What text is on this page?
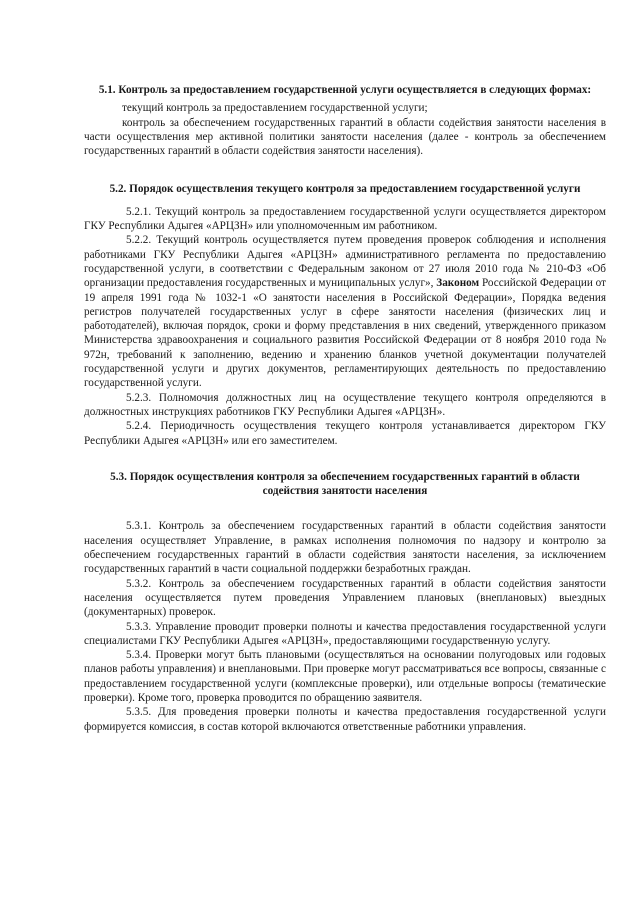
5.1. Контроль за предоставлением государственной услуги осуществляется в следующих формах:

текущий контроль за предоставлением государственной услуги;

контроль за обеспечением государственных гарантий в области содействия занятости населения в части осуществления мер активной политики занятости населения (далее - контроль за обеспечением государственных гарантий в области содействия занятости населения).

5.2. Порядок осуществления текущего контроля за предоставлением государственной услуги

5.2.1. Текущий контроль за предоставлением государственной услуги осуществляется директором ГКУ Республики Адыгея «АРЦЗН» или уполномоченным им работником.

5.2.2. Текущий контроль осуществляется путем проведения проверок соблюдения и исполнения работниками ГКУ Республики Адыгея «АРЦЗН» административного регламента по предоставлению государственной услуги, в соответствии с Федеральным законом от 27 июля 2010 года № 210-ФЗ «Об организации предоставления государственных и муниципальных услуг», Законом Российской Федерации от 19 апреля 1991 года № 1032-1 «О занятости населения в Российской Федерации», Порядка ведения регистров получателей государственных услуг в сфере занятости населения (физических лиц и работодателей), включая порядок, сроки и форму представления в них сведений, утвержденного приказом Министерства здравоохранения и социального развития Российской Федерации от 8 ноября 2010 года № 972н, требований к заполнению, ведению и хранению бланков учетной документации получателей государственной услуги и других документов, регламентирующих деятельность по предоставлению государственной услуги.

5.2.3. Полномочия должностных лиц на осуществление текущего контроля определяются в должностных инструкциях работников ГКУ Республики Адыгея «АРЦЗН».

5.2.4. Периодичность осуществления текущего контроля устанавливается директором ГКУ Республики Адыгея «АРЦЗН» или его заместителем.

5.3. Порядок осуществления контроля за обеспечением государственных гарантий в области содействия занятости населения

5.3.1. Контроль за обеспечением государственных гарантий в области содействия занятости населения осуществляет Управление, в рамках исполнения полномочия по надзору и контролю за обеспечением государственных гарантий в области содействия занятости населения, за исключением государственных гарантий в части социальной поддержки безработных граждан.

5.3.2. Контроль за обеспечением государственных гарантий в области содействия занятости населения осуществляется путем проведения Управлением плановых (внеплановых) выездных (документарных) проверок.

5.3.3. Управление проводит проверки полноты и качества предоставления государственной услуги специалистами ГКУ Республики Адыгея «АРЦЗН», предоставляющими государственную услугу.

5.3.4. Проверки могут быть плановыми (осуществляться на основании полугодовых или годовых планов работы управления) и внеплановыми. При проверке могут рассматриваться все вопросы, связанные с предоставлением государственной услуги (комплексные проверки), или отдельные вопросы (тематические проверки). Кроме того, проверка проводится по обращению заявителя.

5.3.5. Для проведения проверки полноты и качества предоставления государственной услуги формируется комиссия, в состав которой включаются ответственные работники управления.
